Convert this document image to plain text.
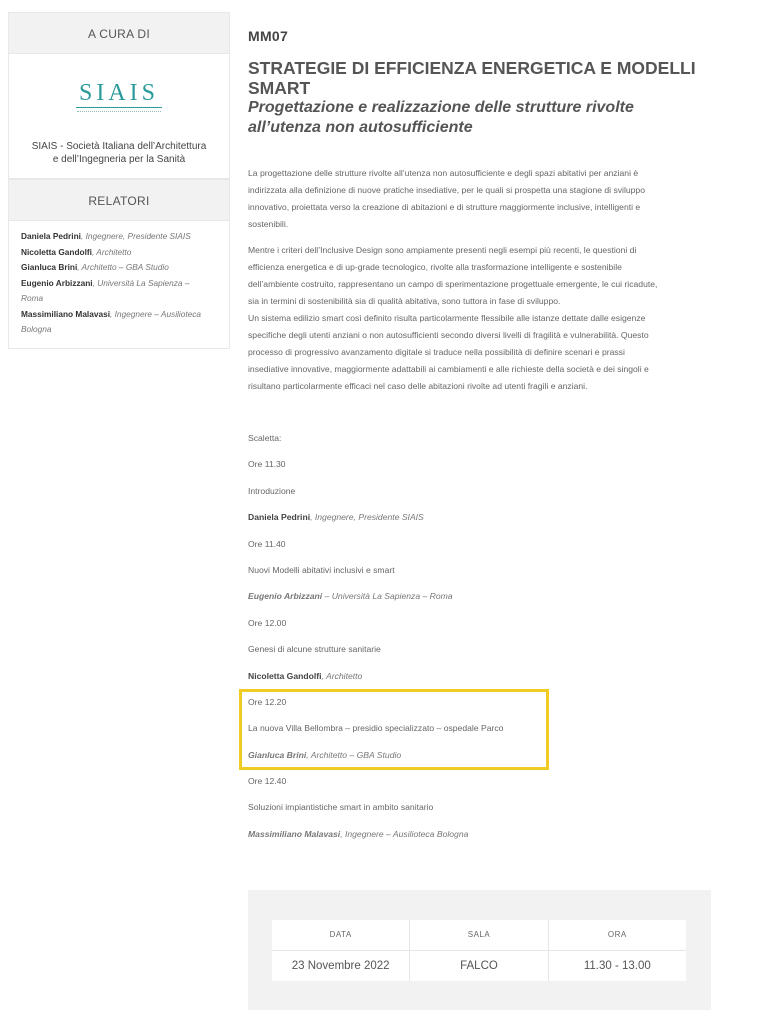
A CURA DI
SIAIS
SIAIS - Società Italiana dell’Architettura
e dell’Ingegneria per la Sanità
RELATORI
Daniela Pedrini, Ingegnere, Presidente SIAIS
Nicoletta Gandolfi, Architetto
Gianluca Brini, Architetto – GBA Studio
Eugenio Arbizzani, Università La Sapienza –
Roma
Massimiliano Malavasi, Ingegnere – Ausilioteca
Bologna
MM07
STRATEGIE DI EFFICIENZA ENERGETICA E MODELLI
SMART
Progettazione e realizzazione delle strutture rivolte
all’utenza non autosufficiente
La progettazione delle strutture rivolte all’utenza non autosufficiente e degli spazi abitativi per anziani è
indirizzata alla definizione di nuove pratiche insediative, per le quali si prospetta una stagione di sviluppo
innovativo, proiettata verso la creazione di abitazioni e di strutture maggiormente inclusive, intelligenti e
sostenibili.
Mentre i criteri dell’Inclusive Design sono ampiamente presenti negli esempi più recenti, le questioni di
efficienza energetica e di up-grade tecnologico, rivolte alla trasformazione intelligente e sostenibile
dell’ambiente costruito, rappresentano un campo di sperimentazione progettuale emergente, le cui ricadute,
sia in termini di sostenibilità sia di qualità abitativa, sono tuttora in fase di sviluppo.
Un sistema edilizio smart così definito risulta particolarmente flessibile alle istanze dettate dalle esigenze
specifiche degli utenti anziani o non autosufficienti secondo diversi livelli di fragilità e vulnerabilità. Questo
processo di progressivo avanzamento digitale si traduce nella possibilità di definire scenari e prassi
insediative innovative, maggiormente adattabili ai cambiamenti e alle richieste della società e dei singoli e
risultano particolarmente efficaci nel caso delle abitazioni rivolte ad utenti fragili e anziani.
Scaletta:
Ore 11.30
Introduzione
Daniela Pedrini, Ingegnere, Presidente SIAIS
Ore 11.40
Nuovi Modelli abitativi inclusivi e smart
Eugenio Arbizzani – Università La Sapienza – Roma
Ore 12.00
Genesi di alcune strutture sanitarie
Nicoletta Gandolfi, Architetto
Ore 12.20
La nuova Villa Bellombra – presidio specializzato – ospedale Parco
Gianluca Brini, Architetto – GBA Studio
Ore 12.40
Soluzioni impiantistiche smart in ambito sanitario
Massimiliano Malavasi, Ingegnere – Ausilioteca Bologna
DATA
23 Novembre 2022
SALA
FALCO
ORA
11.30 - 13.00
